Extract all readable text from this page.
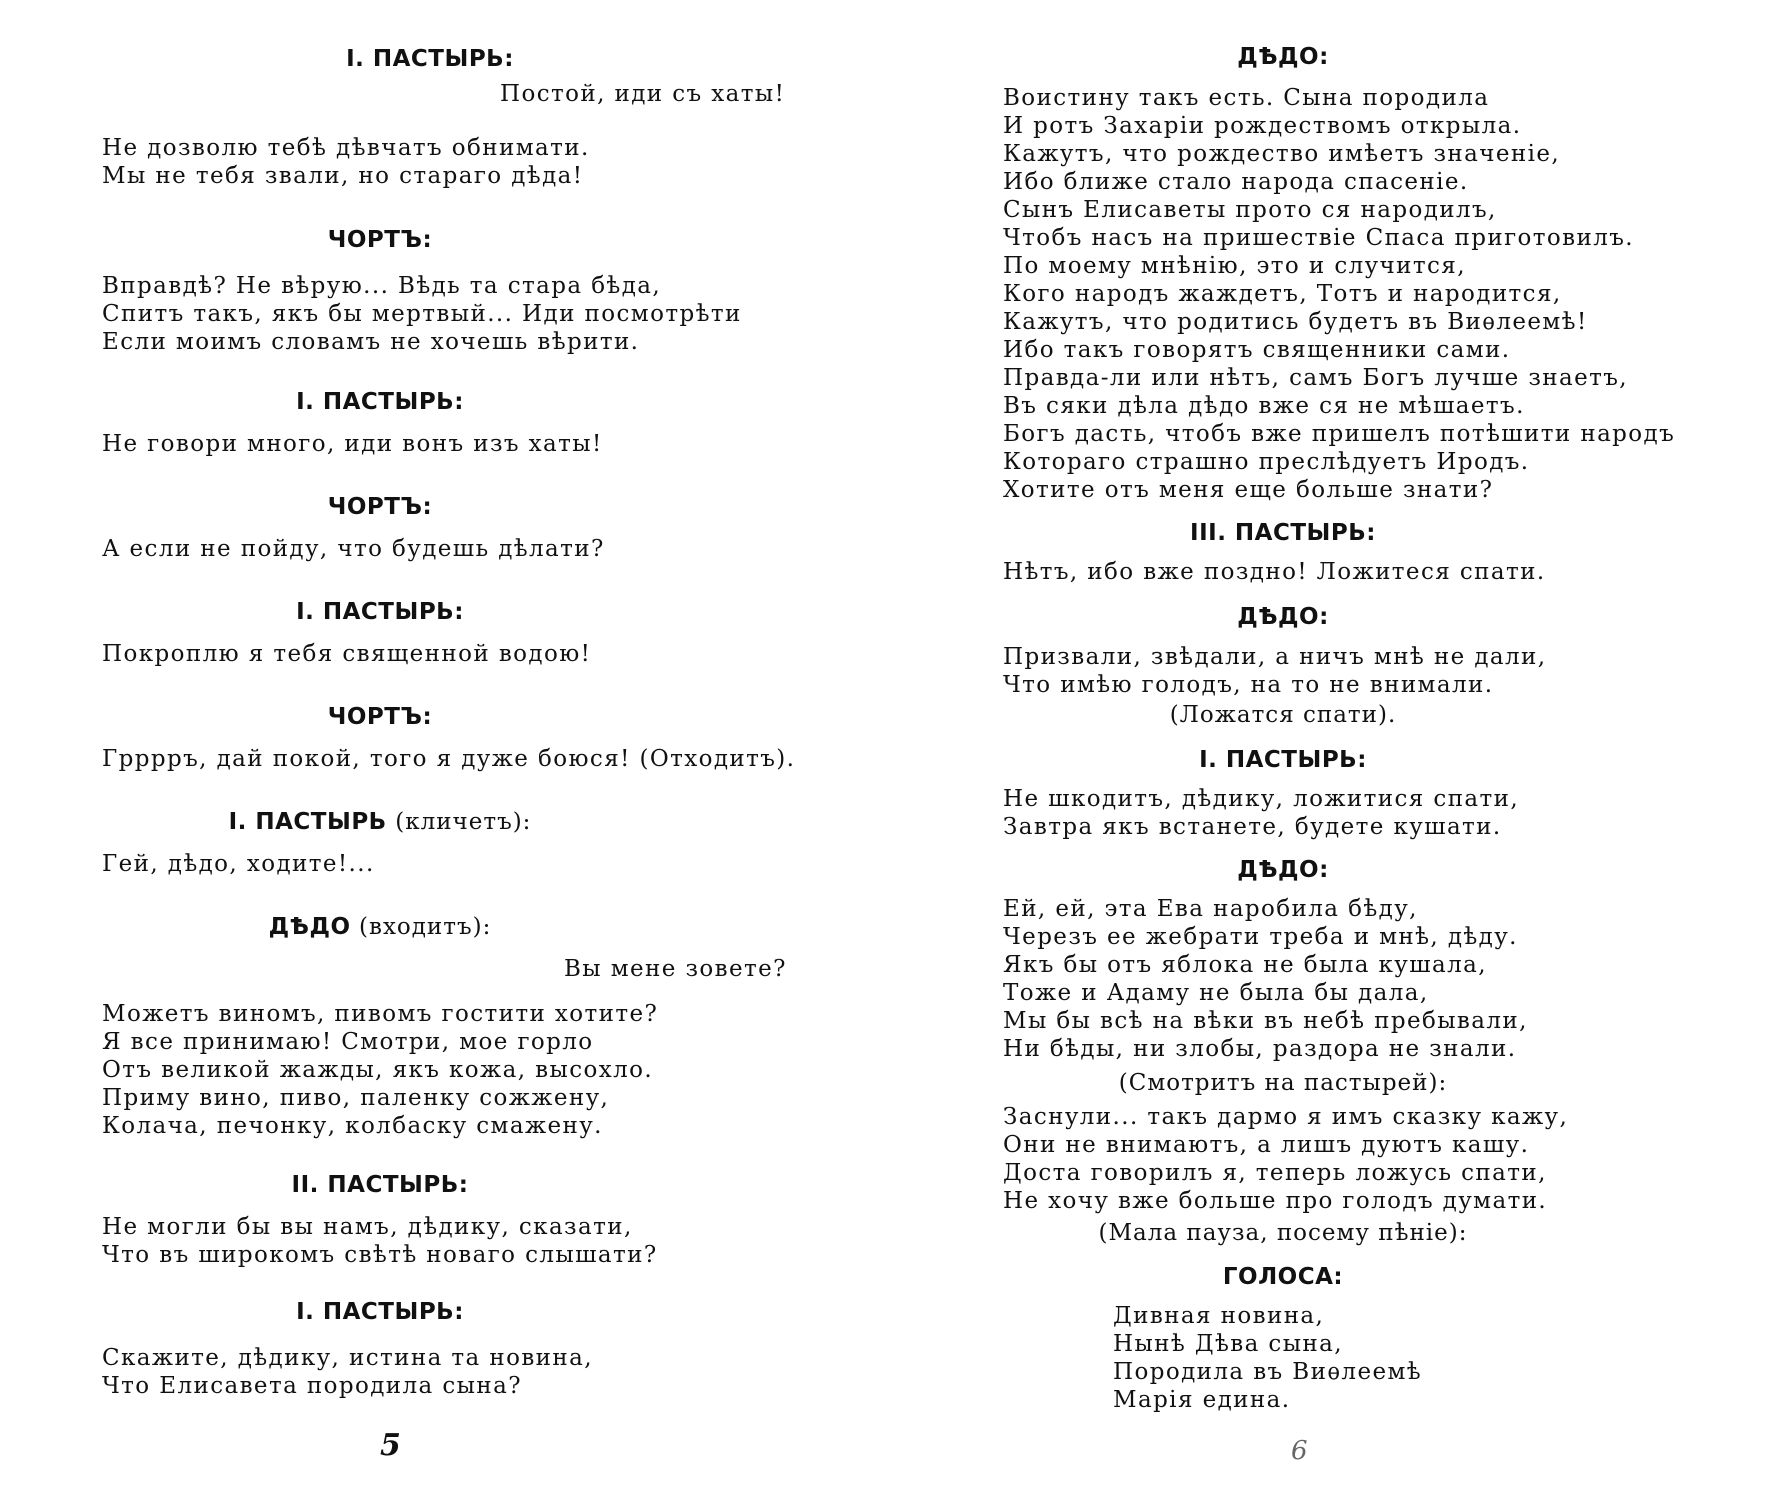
I. ПАСТЫРЬ:
Постой, иди съ хаты!
Не дозволю тебѣ дѣвчатъ обнимати.
Мы не тебя звали, но стараго дѣда!
ЧОРТЪ:
Вправдѣ? Не вѣрую... Вѣдь та стара бѣда,
Спитъ такъ, якъ бы мертвый... Иди посмотрѣти
Если моимъ словамъ не хочешь вѣрити.
I. ПАСТЫРЬ:
Не говори много, иди вонъ изъ хаты!
ЧОРТЪ:
А если не пойду, что будешь дѣлати?
I. ПАСТЫРЬ:
Покроплю я тебя священной водою!
ЧОРТЪ:
Грррръ, дай покой, того я дуже боюся! (Отходитъ).
I. ПАСТЫРЬ (кличетъ):
Гей, дѣдо, ходите!...
ДѢДО (входитъ):
Вы мене зовете?
Можетъ виномъ, пивомъ гостити хотите?
Я все принимаю! Смотри, мое горло
Отъ великой жажды, якъ кожа, высохло.
Приму вино, пиво, паленку сожжену,
Колача, печонку, колбаску смажену.
II. ПАСТЫРЬ:
Не могли бы вы намъ, дѣдику, сказати,
Что въ широкомъ свѣтѣ новаго слышати?
I. ПАСТЫРЬ:
Скажите, дѣдику, истина та новина,
Что Елисавета породила сына?
5
ДѢДО:
Воистину такъ есть. Сына породила
И ротъ Захаріи рождествомъ открыла.
Кажутъ, что рождество имѣетъ значеніе,
Ибо ближе стало народа спасеніе.
Сынъ Елисаветы прото ся народилъ,
Чтобъ насъ на пришествіе Спаса приготовилъ.
По моему мнѣнію, это и случится,
Кого народъ жаждетъ, Тотъ и народится,
Кажутъ, что родитись будетъ въ Виѳлеемѣ!
Ибо такъ говорятъ священники сами.
Правда-ли или нѣтъ, самъ Богъ лучше знаетъ,
Въ сяки дѣла дѣдо вже ся не мѣшаетъ.
Богъ дасть, чтобъ вже пришелъ потѣшити народъ
Котораго страшно преслѣдуетъ Иродъ.
Хотите отъ меня еще больше знати?
III. ПАСТЫРЬ:
Нѣтъ, ибо вже поздно! Ложитеся спати.
ДѢДО:
Призвали, звѣдали, а ничъ мнѣ не дали,
Что имѣю голодъ, на то не внимали.
(Ложатся спати).
I. ПАСТЫРЬ:
Не шкодитъ, дѣдику, ложитися спати,
Завтра якъ встанете, будете кушати.
ДѢДО:
Ей, ей, эта Ева наробила бѣду,
Черезъ ее жебрати треба и мнѣ, дѣду.
Якъ бы отъ яблока не была кушала,
Тоже и Адаму не была бы дала,
Мы бы всѣ на вѣки въ небѣ пребывали,
Ни бѣды, ни злобы, раздора не знали.
(Смотритъ на пастырей):
Заснули... такъ дармо я имъ сказку кажу,
Они не внимаютъ, а лишъ дуютъ кашу.
Доста говорилъ я, теперь ложусь спати,
Не хочу вже больше про голодъ думати.
(Мала пауза, посему пѣніе):
ГОЛОСА:
Дивная новина,
Нынѣ Дѣва сына,
Породила въ Виѳлеемѣ
Марія едина.
6
